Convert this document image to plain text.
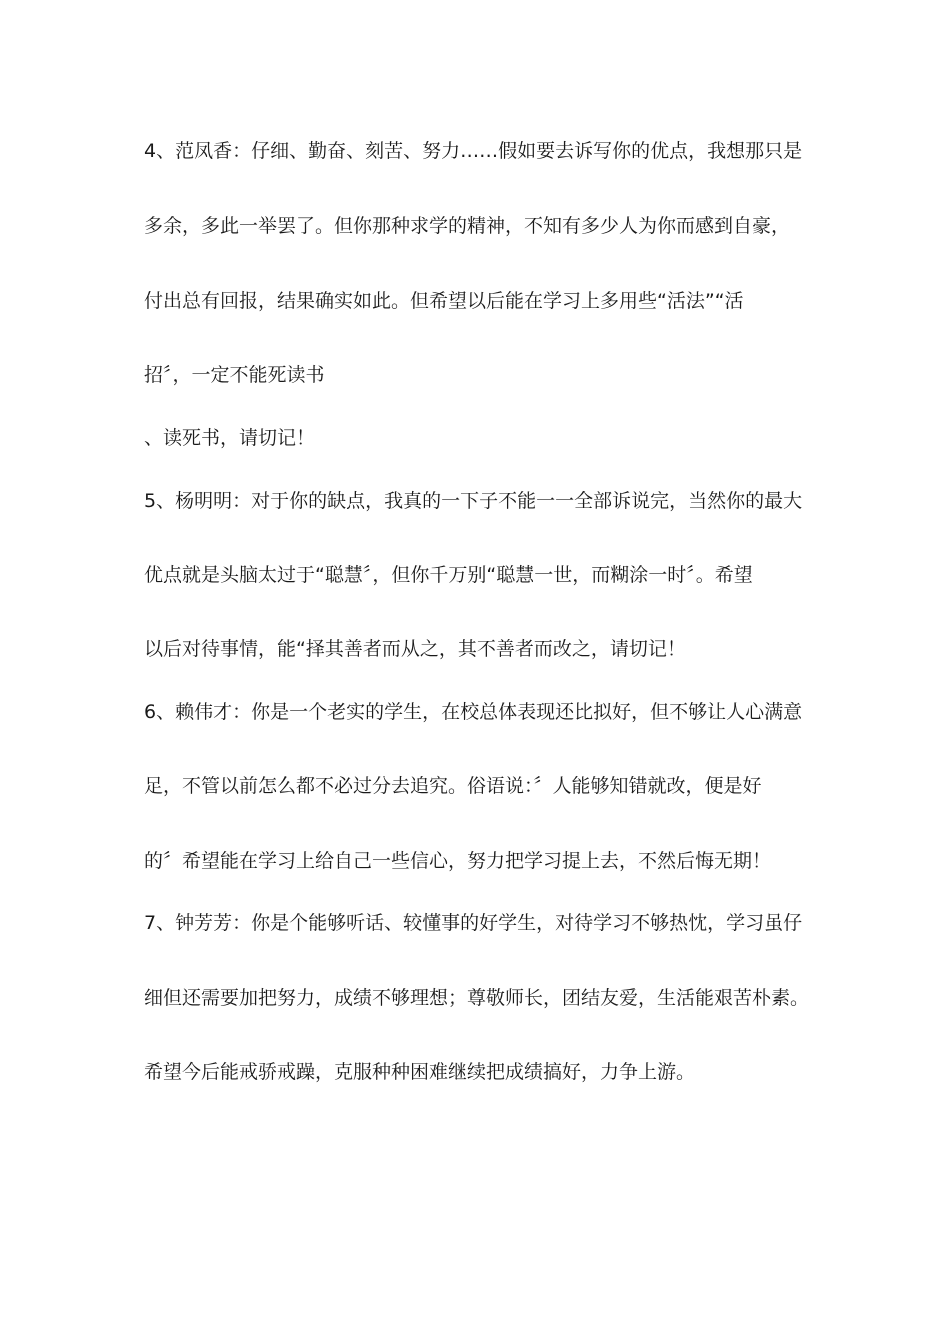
4、范凤香：仔细、勤奋、刻苦、努力……假如要去诉写你的优点，我想那只是
多余，多此一举罢了。但你那种求学的精神，不知有多少人为你而感到自豪，
付出总有回报，结果确实如此。但希望以后能在学习上多用些“活法”“活
招〞，一定不能死读书
、读死书，请切记！
5、杨明明：对于你的缺点，我真的一下子不能一一全部诉说完，当然你的最大
优点就是头脑太过于“聪慧〞，但你千万别“聪慧一世，而糊涂一时〞。希望
以后对待事情，能“择其善者而从之，其不善者而改之，请切记！
6、赖伟才：你是一个老实的学生，在校总体表现还比拟好，但不够让人心满意
足，不管以前怎么都不必过分去追究。俗语说：〞人能够知错就改，便是好
的〞希望能在学习上给自己一些信心，努力把学习提上去，不然后悔无期！
7、钟芳芳：你是个能够听话、较懂事的好学生，对待学习不够热忱，学习虽仔
细但还需要加把努力，成绩不够理想；尊敬师长，团结友爱，生活能艰苦朴素。
希望今后能戒骄戒躁，克服种种困难继续把成绩搞好，力争上游。
